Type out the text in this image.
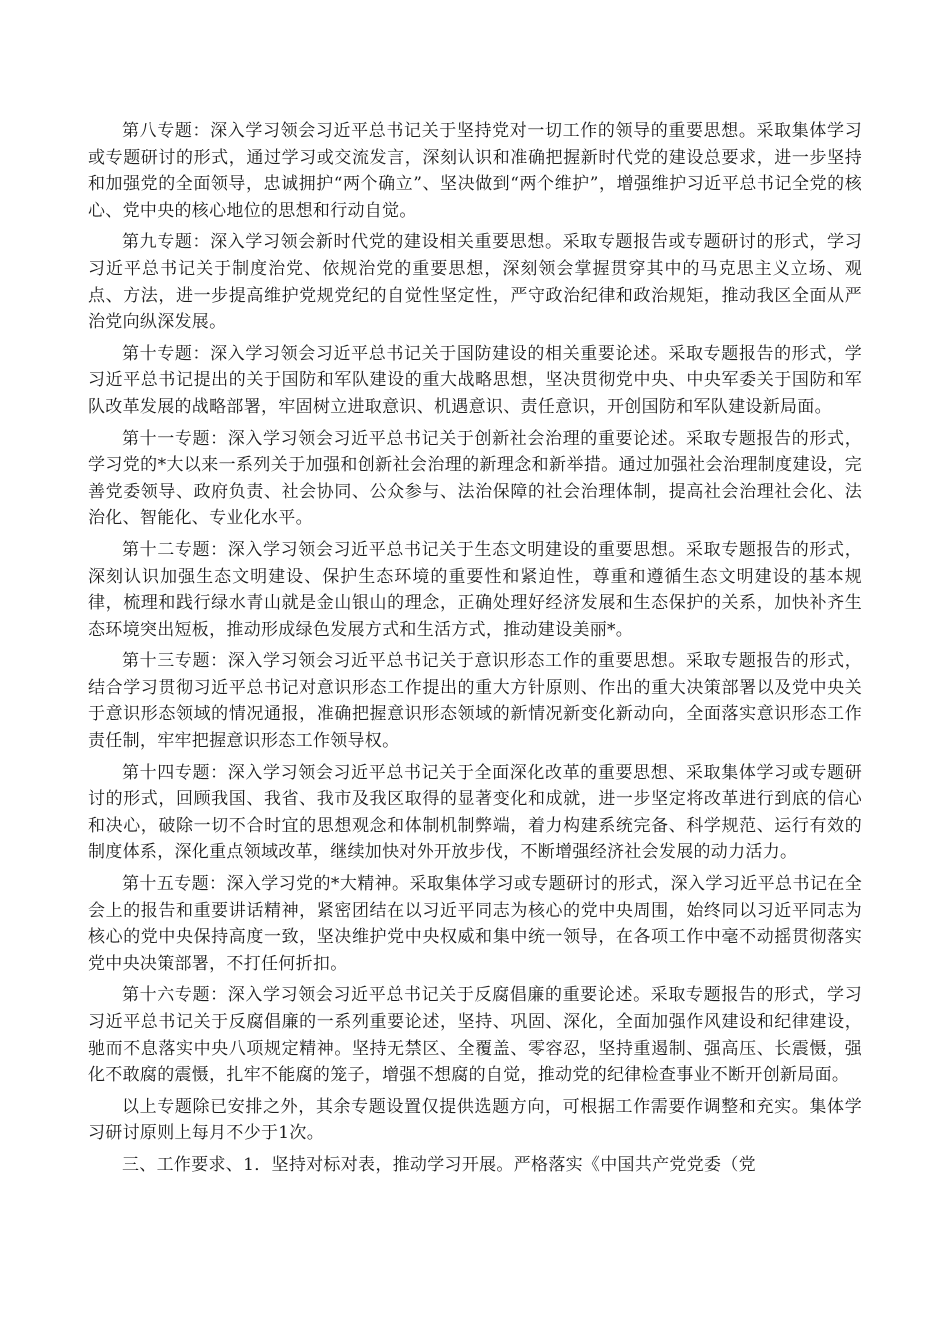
第八专题：深入学习领会习近平总书记关于坚持党对一切工作的领导的重要思想。采取集体学习或专题研讨的形式，通过学习或交流发言，深刻认识和准确把握新时代党的建设总要求，进一步坚持和加强党的全面领导，忠诚拥护“两个确立”、坚决做到“两个维护”，增强维护习近平总书记全党的核心、党中央的核心地位的思想和行动自觉。

第九专题：深入学习领会新时代党的建设相关重要思想。采取专题报告或专题研讨的形式，学习习近平总书记关于制度治党、依规治党的重要思想，深刻领会掌握贯穿其中的马克思主义立场、观点、方法，进一步提高维护党规党纪的自觉性坚定性，严守政治纪律和政治规矩，推动我区全面从严治党向纵深发展。

第十专题：深入学习领会习近平总书记关于国防建设的相关重要论述。采取专题报告的形式，学习近平总书记提出的关于国防和军队建设的重大战略思想，坚决贯彻党中央、中央军委关于国防和军队改革发展的战略部署，牢固树立进取意识、机遇意识、责任意识，开创国防和军队建设新局面。

第十一专题：深入学习领会习近平总书记关于创新社会治理的重要论述。采取专题报告的形式，学习党的*大以来一系列关于加强和创新社会治理的新理念和新举措。通过加强社会治理制度建设，完善党委领导、政府负责、社会协同、公众参与、法治保障的社会治理体制，提高社会治理社会化、法治化、智能化、专业化水平。

第十二专题：深入学习领会习近平总书记关于生态文明建设的重要思想。采取专题报告的形式，深刻认识加强生态文明建设、保护生态环境的重要性和紧迫性，尊重和遵循生态文明建设的基本规律，梳理和践行绿水青山就是金山银山的理念，正确处理好经济发展和生态保护的关系，加快补齐生态环境突出短板，推动形成绿色发展方式和生活方式，推动建设美丽*。

第十三专题：深入学习领会习近平总书记关于意识形态工作的重要思想。采取专题报告的形式，结合学习贯彻习近平总书记对意识形态工作提出的重大方针原则、作出的重大决策部署以及党中央关于意识形态领域的情况通报，准确把握意识形态领域的新情况新变化新动向，全面落实意识形态工作责任制，牢牢把握意识形态工作领导权。

第十四专题：深入学习领会习近平总书记关于全面深化改革的重要思想、采取集体学习或专题研讨的形式，回顾我国、我省、我市及我区取得的显著变化和成就，进一步坚定将改革进行到底的信心和决心，破除一切不合时宜的思想观念和体制机制弊端，着力构建系统完备、科学规范、运行有效的制度体系，深化重点领域改革，继续加快对外开放步伐，不断增强经济社会发展的动力活力。

第十五专题：深入学习党的*大精神。采取集体学习或专题研讨的形式，深入学习近平总书记在全会上的报告和重要讲话精神，紧密团结在以习近平同志为核心的党中央周围，始终同以习近平同志为核心的党中央保持高度一致，坚决维护党中央权威和集中统一领导，在各项工作中毫不动摇贯彻落实党中央决策部署，不打任何折扣。

第十六专题：深入学习领会习近平总书记关于反腐倡廉的重要论述。采取专题报告的形式，学习习近平总书记关于反腐倡廉的一系列重要论述，坚持、巩固、深化，全面加强作风建设和纪律建设，驰而不息落实中央八项规定精神。坚持无禁区、全覆盖、零容忍，坚持重遏制、强高压、长震慑，强化不敢腐的震慑，扎牢不能腐的笼子，增强不想腐的自觉，推动党的纪律检查事业不断开创新局面。

以上专题除已安排之外，其余专题设置仅提供选题方向，可根据工作需要作调整和充实。集体学习研讨原则上每月不少于1次。

三、工作要求、1．坚持对标对表，推动学习开展。严格落实《中国共产党党委（党
